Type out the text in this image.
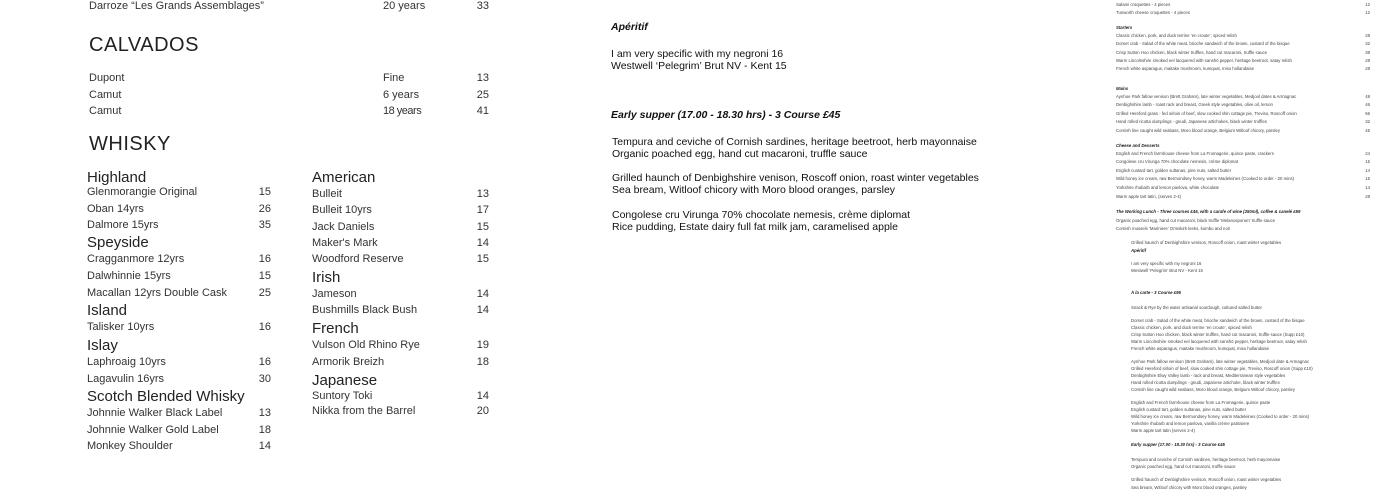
Darroze “Les Grands Assemblages”	20 years	33
CALVADOS
Dupont	Fine	13
Camut	6 years	25
Camut	18 years	41
WHISKY
Highland
Glenmorangie Original	15
Oban 14yrs	26
Dalmore 15yrs	35
Speyside
Cragganmore 12yrs	16
Dalwhinnie 15yrs	15
Macallan 12yrs Double Cask	25
Island
Talisker 10yrs	16
Islay
Laphroaig 10yrs	16
Lagavulin 16yrs	30
Scotch Blended Whisky
Johnnie Walker Black Label	13
Johnnie Walker Gold Label	18
Monkey Shoulder	14
American
Bulleit	13
Bulleit 10yrs	17
Jack Daniels	15
Maker's Mark	14
Woodford Reserve	15
Irish
Jameson	14
Bushmills Black Bush	14
French
Vulson Old Rhino Rye	19
Armorik Breizh	18
Japanese
Suntory Toki	14
Nikka from the Barrel	20
Apéritif
I am very specific with my negroni 16
Westwell ‘Pelegrim’ Brut NV - Kent 15
Early supper (17.00 - 18.30 hrs) - 3 Course £45
Tempura and ceviche of Cornish sardines, heritage beetroot, herb mayonnaise
Organic poached egg, hand cut macaroni, truffle sauce
Grilled haunch of Denbighshire venison, Roscoff onion, roast winter vegetables
Sea bream, Witloof chicory with Moro blood oranges, parsley
Congolese cru Virunga 70% chocolate nemesis, crème diplomat
Rice pudding, Estate dairy full fat milk jam, caramelised apple
Salami croquettes - 4 pieces	12
Tunworth cheese croquettes - 4 pieces	12
Starters
Classic chicken, pork, and duck terrine ‘en croute’, spiced relish	28
Dorset crab - Salad of the white meat, brioche sandwich of the brown, custard of the bisque	32
Crisp Sutton Hoo chicken, black winter truffles, hand cut macaroni, truffle sauce	38
Warm Lincolnshire smoked eel lacquered with sanshō pepper, heritage beetroot, satay relish	28
French white asparagus, maitake mushroom, kumquat, miso hollandaise	28
Mains
Aynhoe Park fallow venison (Brett Graham), late winter vegetables, Medjool dates & Armagnac	48
Denbighshire lamb - roast rack and breast, Greek style vegetables, olive oil, lemon	46
Grilled Hereford grass - fed sirloin of beef, slow cooked shin cottage pie, Treviso, Roscoff onion	56
Hand rolled ricotta dumplings - gnudi, Japanese artichokes, black winter truffles	32
Cornish line caught wild seabass, Moro blood orange, Belgium Witloof chicory, parsley	45
Cheese and Desserts
English and French farmhouse cheese from La Fromagerie, quince paste, crackers	24
Congolese cru Virunga 70% chocolate nemesis, crème diplomat	15
English custard tart, golden sultanas, pine nuts, salted butter	14
Wild honey ice cream, raw Bermondsey honey, warm Madeleines (Cooked to order - 20 mins)	15
Yorkshire rhubarb and lemon pavlova, white chocolate	14
Warm apple tart tatin, (serves 2-4)	28
The Working Lunch - Three courses £45, with a carafe of wine (250ml), coffee & canelé £59
Organic poached egg, hand cut macaroni, black truffle ‘Melanosporum’ truffle sauce
Cornish mussels ‘Mariniere’ Ormskirk leeks, kombu and nori
Grilled haunch of Denbighshire venison, Roscoff onion, roast winter vegetables
Apéritif
I am very specific with my negroni 16
Westwell ‘Pelegrim’ Brut NV - Kent 15
À la carte - 3 Course £95
Snack & Rye by the water artisanal sourdough, cultured salted butter
Dorset crab - Salad of the white meat, brioche sandwich of the brown, custard of the bisque
Classic chicken, pork, and duck terrine ‘en croute’, spiced relish
Crisp Sutton Hoo chicken, black winter truffles, hand cut macaroni, truffle sauce (Supp £10)
Warm Lincolnshire smoked eel lacquered with sanshō pepper, heritage beetroot, satay relish
French white asparagus, maitake mushroom, kumquat, miso hollandaise
Aynhoe Park fallow venison (Brett Graham), late winter vegetables, Medjool date & Armagnac
Grilled Hereford sirloin of beef, slow cooked shin cottage pie, Treviso, Roscoff onion (Supp £10)
Denbighshire Elwy Valley lamb - rack and breast, Mediterranean style vegetables
Hand rolled ricotta dumplings - gnudi, Japanese artichoke, black winter truffles
Cornish line caught wild seabass, Moro blood orange, Belgium Witloof chicory, parsley
English and French farmhouse cheese from La Fromagerie, quince paste
English custard tart, golden sultanas, pine nuts, salted butter
Wild honey ice cream, raw Bermondsey honey, warm Madeleines (Cooked to order - 20 mins)
Yorkshire rhubarb and lemon pavlova, vanilla crème patissiere
Warm apple tart tatin (serves 2-4)
Early supper (17.00 - 18.30 hrs) - 3 Course £45
Tempura and ceviche of Cornish sardines, heritage beetroot, herb mayonnaise
Organic poached egg, hand cut macaroni, truffle sauce
Grilled haunch of Denbighshire venison, Roscoff onion, roast winter vegetables
Sea bream, Witloof chicory with Moro blood oranges, parsley
